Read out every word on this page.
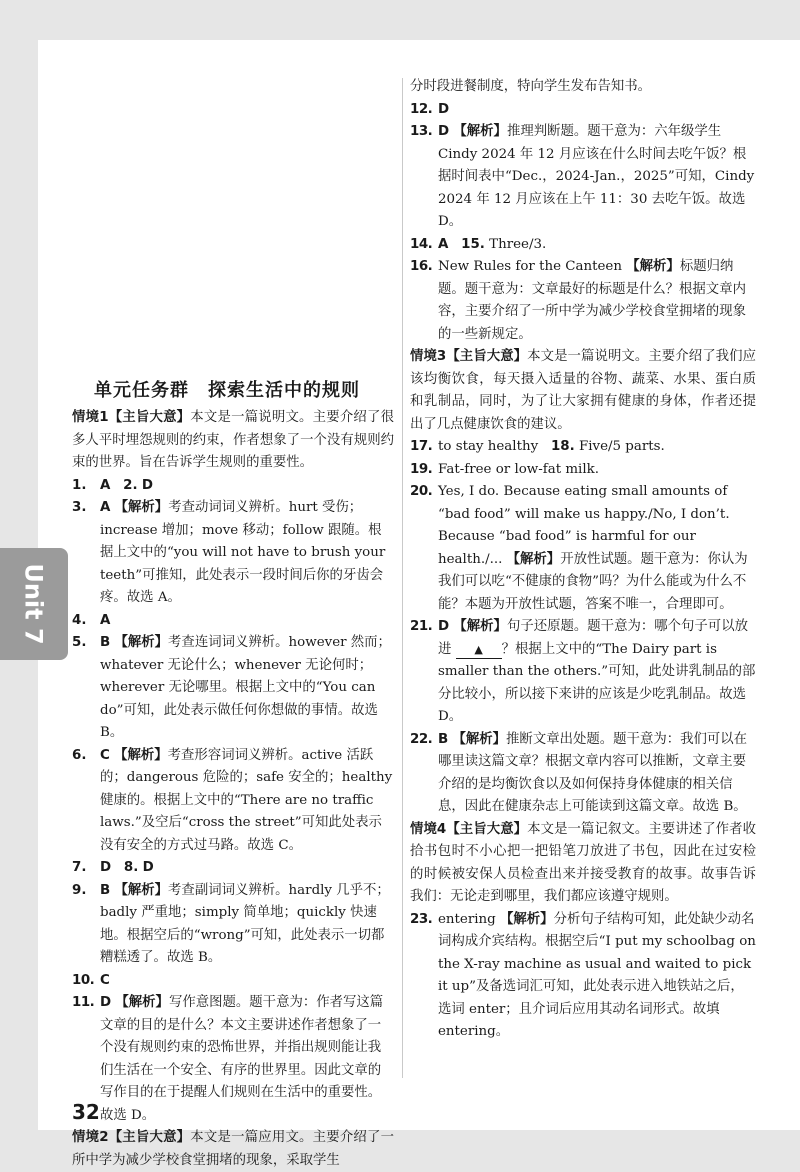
Unit 7
单元任务群　探索生活中的规则
情境1【主旨大意】本文是一篇说明文。主要介绍了很多人平时埋怨规则的约束，作者想象了一个没有规则约束的世界。旨在告诉学生规则的重要性。
1. A 2. D
3. A 【解析】考查动词词义辨析。hurt 受伤；increase 增加；move 移动；follow 跟随。根据上文中的“you will not have to brush your teeth”可推知，此处表示一段时间后你的牙齿会疼。故选 A。
4. A
5. B 【解析】考查连词词义辨析。however 然而；whatever 无论什么；whenever 无论何时；wherever 无论哪里。根据上文中的“You can do”可知，此处表示做任何你想做的事情。故选 B。
6. C 【解析】考查形容词词义辨析。active 活跃的；dangerous 危险的；safe 安全的；healthy 健康的。根据上文中的“There are no traffic laws.”及空后“cross the street”可知此处表示没有安全的方式过马路。故选 C。
7. D 8. D
9. B 【解析】考查副词词义辨析。hardly 几乎不；badly 严重地；simply 简单地；quickly 快速地。根据空后的“wrong”可知，此处表示一切都糟糕透了。故选 B。
10. C
11. D 【解析】写作意图题。题干意为：作者写这篇文章的目的是什么？本文主要讲述作者想象了一个没有规则约束的恐怖世界，并指出规则能让我们生活在一个安全、有序的世界里。因此文章的写作目的在于提醒人们规则在生活中的重要性。故选 D。
情境2【主旨大意】本文是一篇应用文。主要介绍了一所中学为减少学校食堂拥堵的现象，采取学生
分时段进餐制度，特向学生发布告知书。
12. D
13. D 【解析】推理判断题。题干意为：六年级学生 Cindy 2024 年 12 月应该在什么时间去吃午饭？根据时间表中“Dec.，2024-Jan.，2025”可知，Cindy 2024 年 12 月应该在上午 11：30 去吃午饭。故选 D。
14. A 15. Three/3.
16. New Rules for the Canteen 【解析】标题归纳题。题干意为：文章最好的标题是什么？根据文章内容，主要介绍了一所中学为减少学校食堂拥堵的现象的一些新规定。
情境3【主旨大意】本文是一篇说明文。主要介绍了我们应该均衡饮食，每天摄入适量的谷物、蔬菜、水果、蛋白质和乳制品，同时，为了让大家拥有健康的身体，作者还提出了几点健康饮食的建议。
17. to stay healthy 18. Five/5 parts.
19. Fat-free or low-fat milk.
20. Yes, I do. Because eating small amounts of “bad food” will make us happy./No, I don’t. Because “bad food” is harmful for our health./... 【解析】开放性试题。题干意为：你认为我们可以吃“不健康的食物”吗？为什么能或为什么不能？本题为开放性试题，答案不唯一，合理即可。
21. D 【解析】句子还原题。题干意为：哪个句子可以放进 ▲ ？根据上文中的“The Dairy part is smaller than the others.”可知，此处讲乳制品的部分比较小，所以接下来讲的应该是少吃乳制品。故选 D。
22. B 【解析】推断文章出处题。题干意为：我们可以在哪里读这篇文章？根据文章内容可以推断，文章主要介绍的是均衡饮食以及如何保持身体健康的相关信息，因此在健康杂志上可能读到这篇文章。故选 B。
情境4【主旨大意】本文是一篇记叙文。主要讲述了作者收拾书包时不小心把一把铅笔刀放进了书包，因此在过安检的时候被安保人员检查出来并接受教育的故事。故事告诉我们：无论走到哪里，我们都应该遵守规则。
23. entering 【解析】分析句子结构可知，此处缺少动名词构成介宾结构。根据空后“I put my schoolbag on the X-ray machine as usual and waited to pick it up”及备选词汇可知，此处表示进入地铁站之后，选词 enter；且介词后应用其动名词形式。故填 entering。
32
